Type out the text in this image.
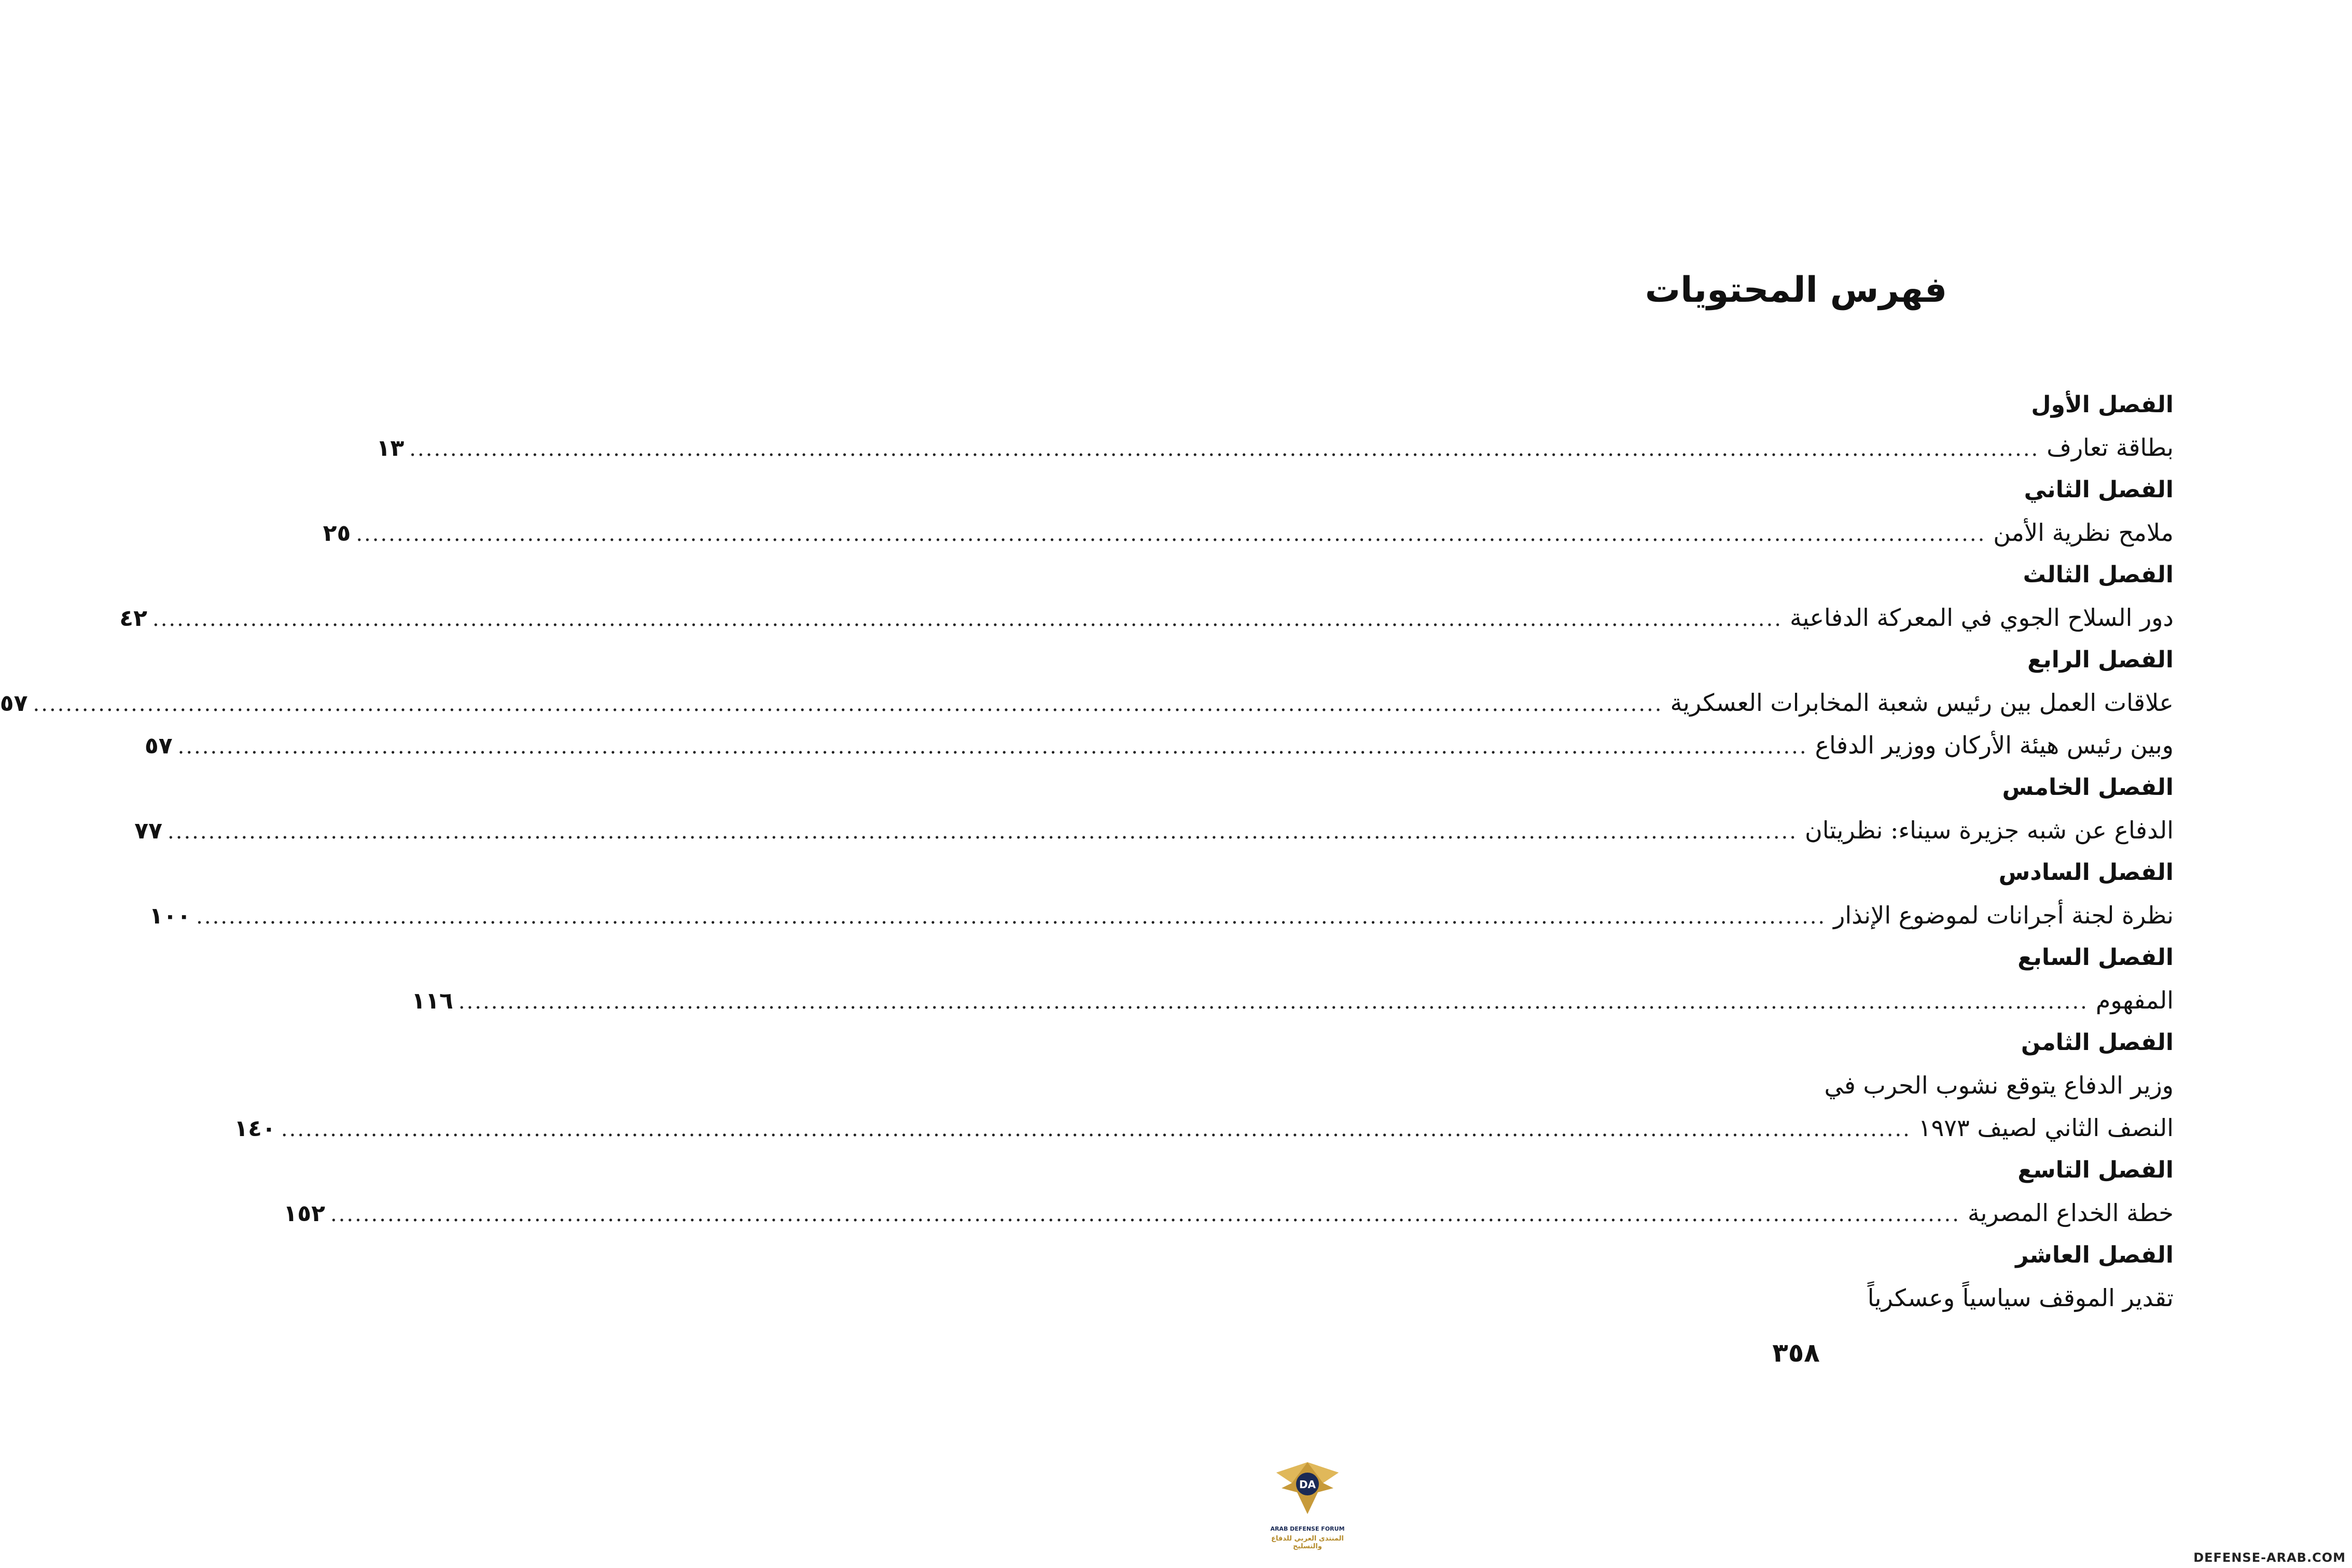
فهرس المحتويات
الفصل الأول
بطاقة تعارف
........................................................................................................................................................................................................
١٣
الفصل الثاني
ملامح نظرية الأمن
........................................................................................................................................................................................................
٢٥
الفصل الثالث
دور السلاح الجوي في المعركة الدفاعية
........................................................................................................................................................................................................
٤٢
الفصل الرابع
علاقات العمل بين رئيس شعبة المخابرات العسكرية
........................................................................................................................................................................................................
٥٧
وبين رئيس هيئة الأركان ووزير الدفاع
........................................................................................................................................................................................................
٥٧
الفصل الخامس
الدفاع عن شبه جزيرة سيناء: نظريتان
........................................................................................................................................................................................................
٧٧
الفصل السادس
نظرة لجنة أجرانات لموضوع الإنذار
........................................................................................................................................................................................................
١٠٠
الفصل السابع
المفهوم
........................................................................................................................................................................................................
١١٦
الفصل الثامن
وزير الدفاع يتوقع نشوب الحرب في
النصف الثاني لصيف ١٩٧٣
........................................................................................................................................................................................................
١٤٠
الفصل التاسع
خطة الخداع المصرية
........................................................................................................................................................................................................
١٥٢
٣٥٨
DA
ARAB DEFENSE FORUM
المنتدى العربي للدفاع والتسليح
DEFENSE-ARAB.COM
الفصل العاشر
تقدير الموقف سياسياً وعسكرياً
